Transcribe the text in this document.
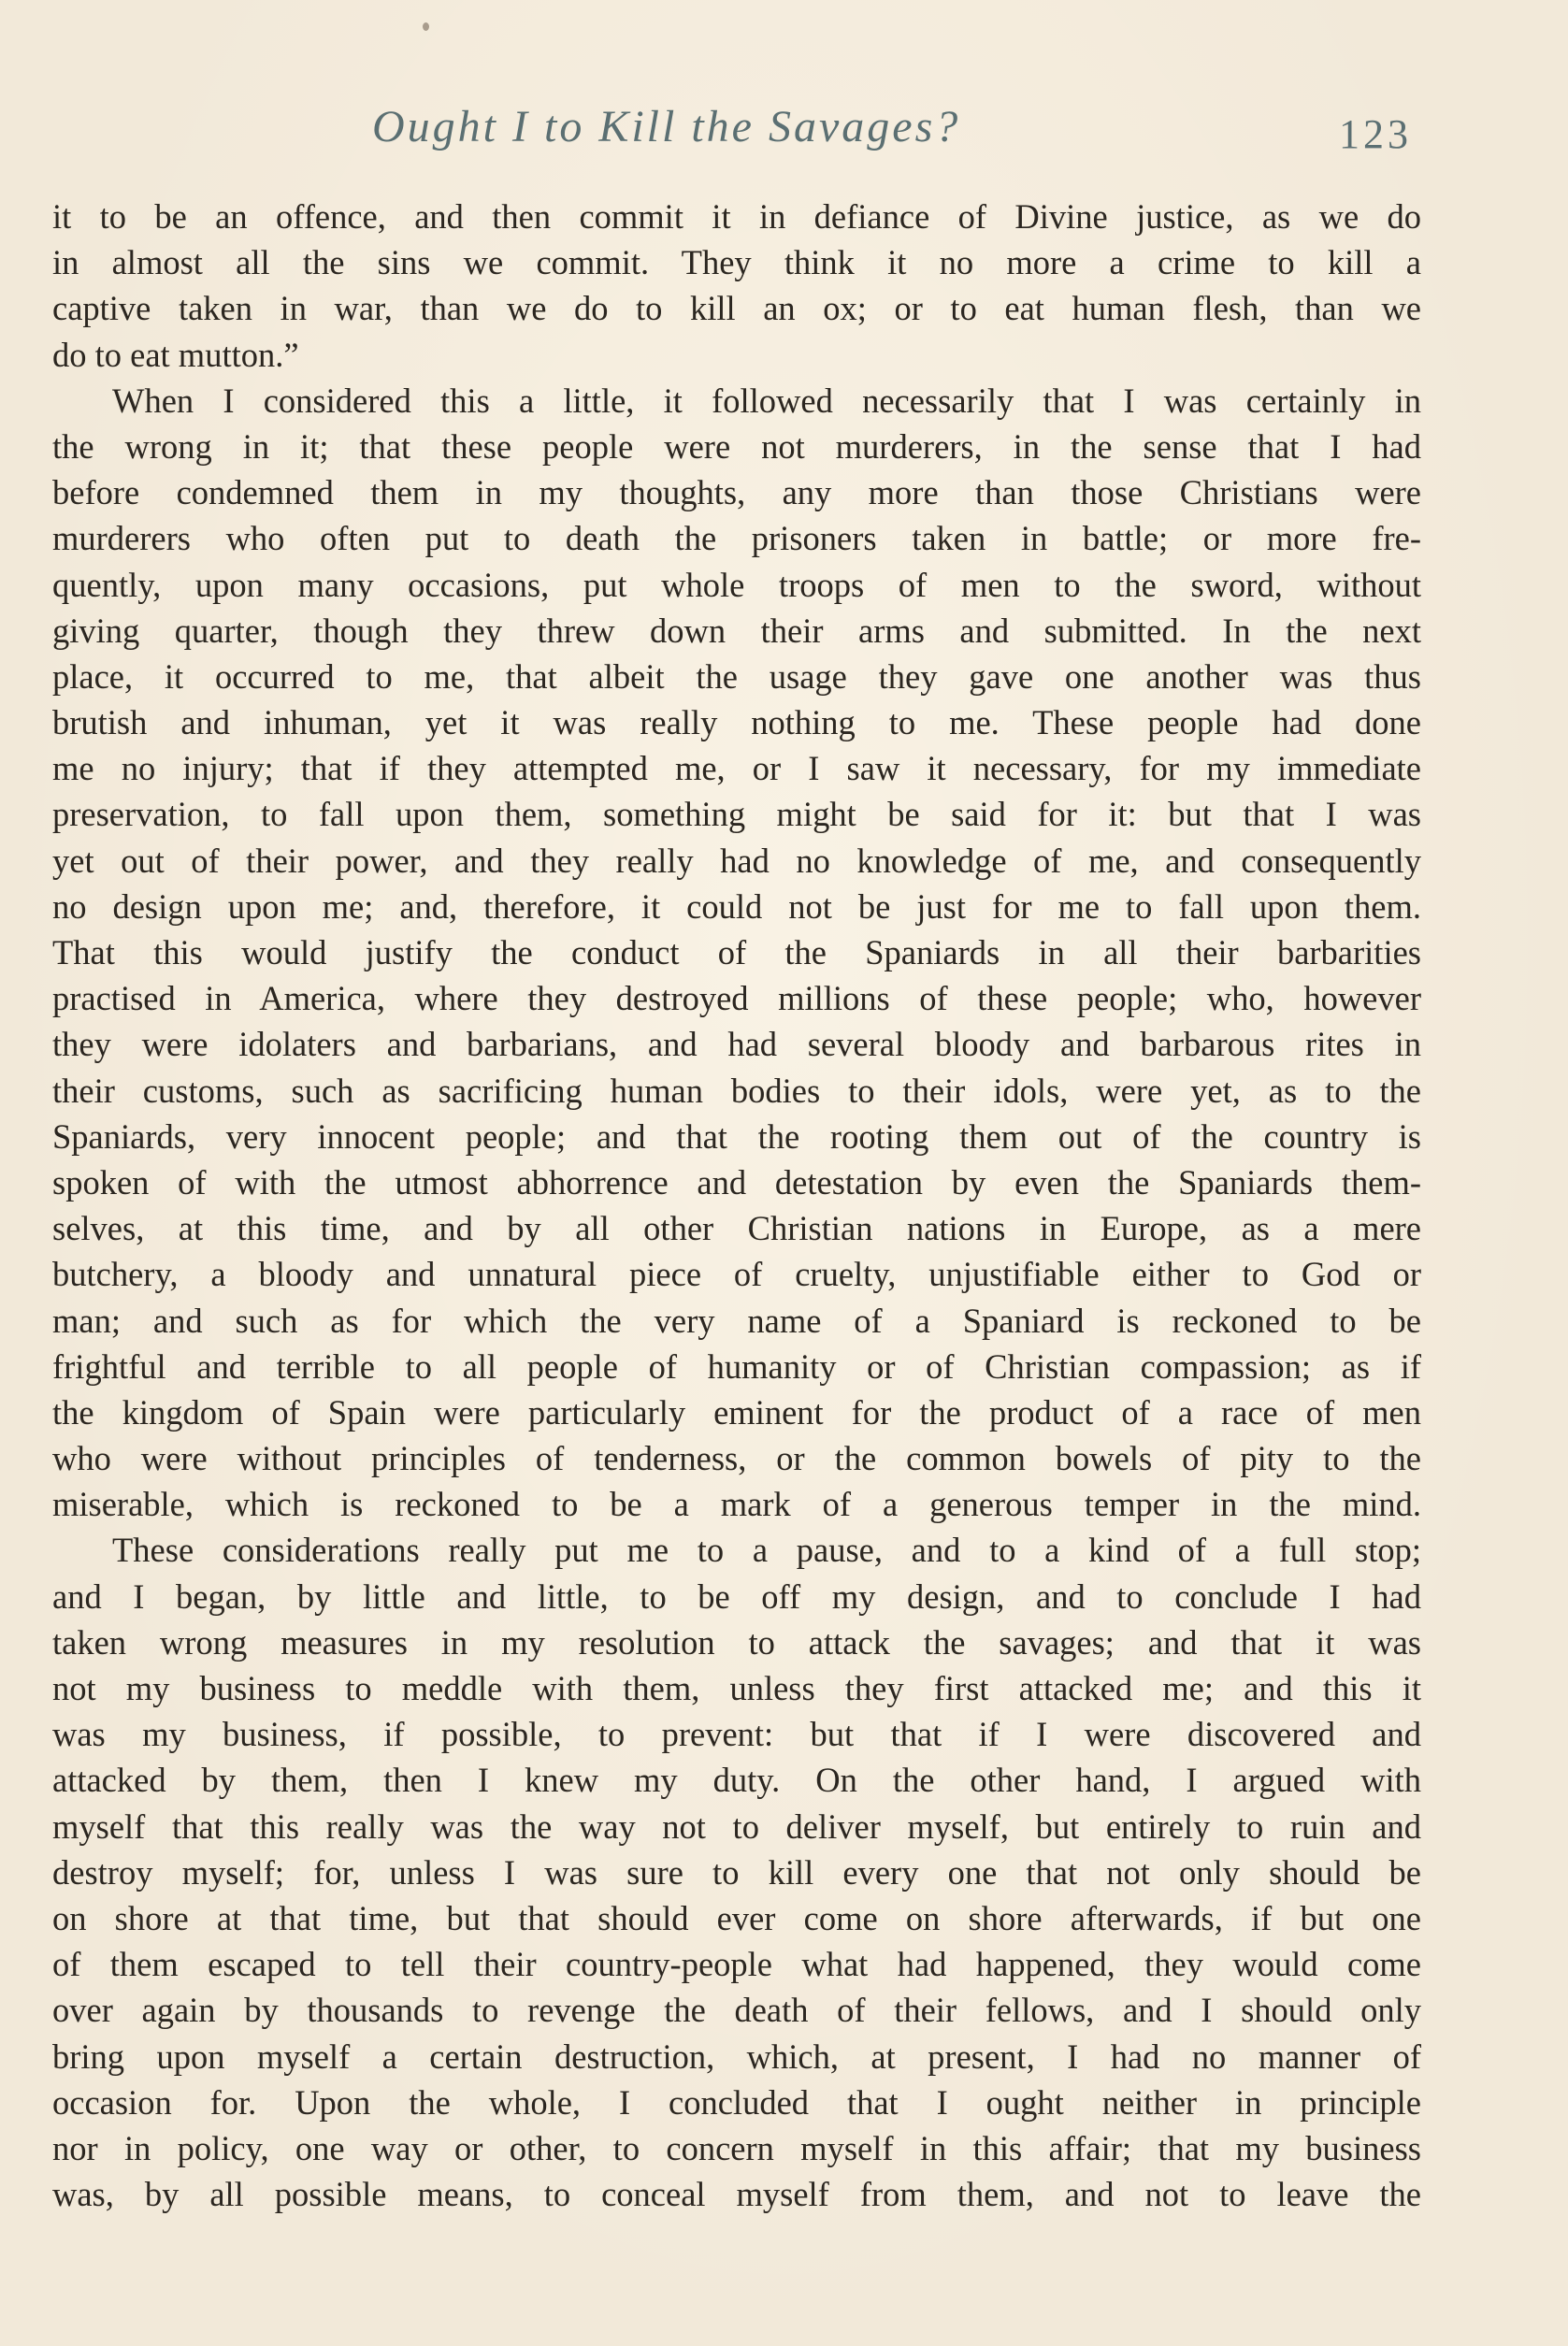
Ought I to Kill the Savages?	123
it to be an offence, and then commit it in defiance of Divine justice, as we do
in almost all the sins we commit. They think it no more a crime to kill a
captive taken in war, than we do to kill an ox; or to eat human flesh, than we
do to eat mutton.”
When I considered this a little, it followed necessarily that I was certainly in
the wrong in it; that these people were not murderers, in the sense that I had
before condemned them in my thoughts, any more than those Christians were
murderers who often put to death the prisoners taken in battle; or more fre-
quently, upon many occasions, put whole troops of men to the sword, without
giving quarter, though they threw down their arms and submitted. In the next
place, it occurred to me, that albeit the usage they gave one another was thus
brutish and inhuman, yet it was really nothing to me. These people had done
me no injury; that if they attempted me, or I saw it necessary, for my immediate
preservation, to fall upon them, something might be said for it: but that I was
yet out of their power, and they really had no knowledge of me, and consequently
no design upon me; and, therefore, it could not be just for me to fall upon them.
That this would justify the conduct of the Spaniards in all their barbarities
practised in America, where they destroyed millions of these people; who, however
they were idolaters and barbarians, and had several bloody and barbarous rites in
their customs, such as sacrificing human bodies to their idols, were yet, as to the
Spaniards, very innocent people; and that the rooting them out of the country is
spoken of with the utmost abhorrence and detestation by even the Spaniards them-
selves, at this time, and by all other Christian nations in Europe, as a mere
butchery, a bloody and unnatural piece of cruelty, unjustifiable either to God or
man; and such as for which the very name of a Spaniard is reckoned to be
frightful and terrible to all people of humanity or of Christian compassion; as if
the kingdom of Spain were particularly eminent for the product of a race of men
who were without principles of tenderness, or the common bowels of pity to the
miserable, which is reckoned to be a mark of a generous temper in the mind.
These considerations really put me to a pause, and to a kind of a full stop;
and I began, by little and little, to be off my design, and to conclude I had
taken wrong measures in my resolution to attack the savages; and that it was
not my business to meddle with them, unless they first attacked me; and this it
was my business, if possible, to prevent: but that if I were discovered and
attacked by them, then I knew my duty. On the other hand, I argued with
myself that this really was the way not to deliver myself, but entirely to ruin and
destroy myself; for, unless I was sure to kill every one that not only should be
on shore at that time, but that should ever come on shore afterwards, if but one
of them escaped to tell their country-people what had happened, they would come
over again by thousands to revenge the death of their fellows, and I should only
bring upon myself a certain destruction, which, at present, I had no manner of
occasion for. Upon the whole, I concluded that I ought neither in principle
nor in policy, one way or other, to concern myself in this affair; that my business
was, by all possible means, to conceal myself from them, and not to leave the
